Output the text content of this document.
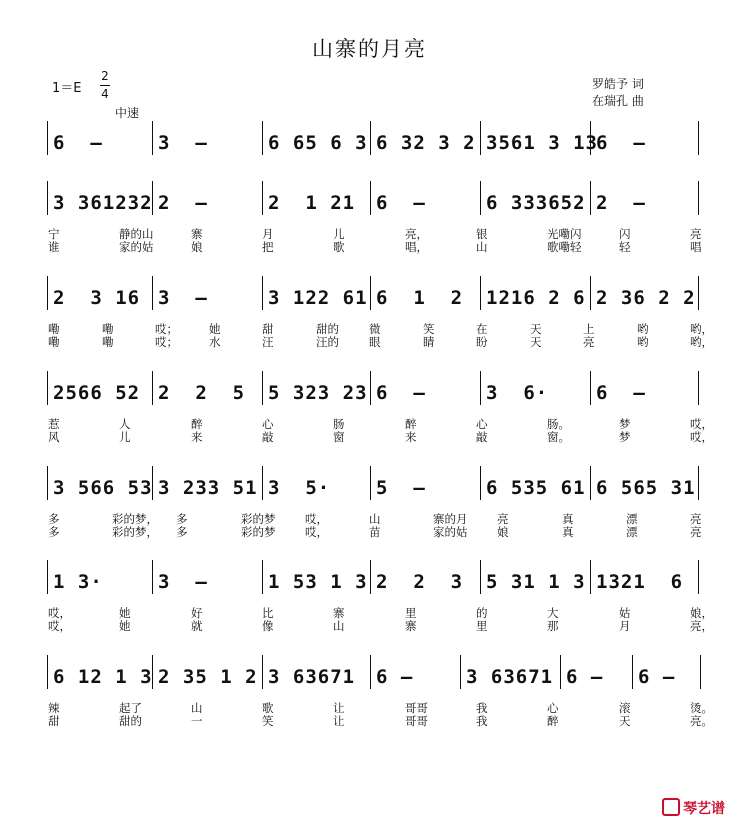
山寨的月亮
1＝E
2
4
中速
罗皓予 词
在瑞孔 曲
6  —	3  —	6 65 6 3 6 32 3 2 3561 3 13
6  —
3 361232 2  —	2  1 21 6  —	6 333652 2  —
宁	静的山	寨	月	儿	亮，	银	光嘞闪	闪	亮
谁	家的姑	娘	把	歌	唱，	山	歌嘞轻	轻	唱
2  3 16 3  —	3 122 61 6  1  2 1216 2 6 2 36 2 2
嘞	嘞	哎；	她	甜	甜的	微	笑	在	天	上	哟	哟，
嘞	嘞	哎；	水	汪	汪的	眼	睛	盼	天	亮	哟	哟，
2566 52 2  2  5 5 323 23 6  —	3  6·	6  —
惹	人	醉	心	肠	醉	心	肠。	梦	哎，
风	儿	来	敲	窗	来	敲	窗。	梦	哎，
3 566 53 3 233 51 3  5· 5  —	6 535 61 6 565 31
多	彩的梦， 多	彩的梦	哎，	山	寨的月	亮	真	漂	亮
多	彩的梦， 多	彩的梦	哎，	苗	家的姑	娘	真	漂	亮
1 3·	3  —	1 53 1 3 2  2  3 5 31 1 3 1321  6
哎，	她	好	比	寨	里	的	大	姑	娘，
哎，	她	就	像	山	寨	里	那	月	亮，
6 12 1 3 2 35 1 2 3 63671 6 —	3 63671 6 — 6 —
辣	起了	山	歌	让	哥哥	我	心	滚	烫。
甜	甜的	一	笑	让	哥哥	我	醉	天	亮。
琴艺谱
